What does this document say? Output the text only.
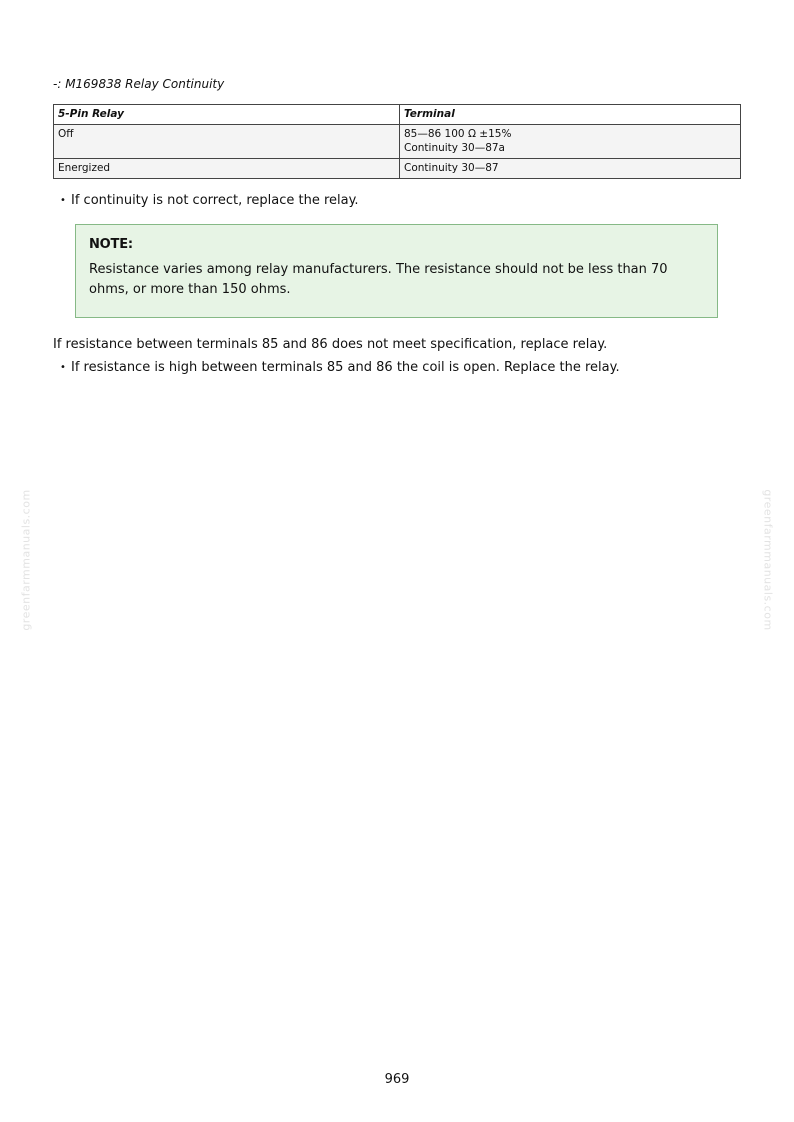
-: M169838 Relay Continuity
5-Pin Relay	Terminal
Off	85—86 100 Ω ±15%
Continuity 30—87a

Energized	Continuity 30—87
• If continuity is not correct, replace the relay.

NOTE:

Resistance varies among relay manufacturers. The resistance should not be less than 70 ohms, or more than 150 ohms.

If resistance between terminals 85 and 86 does not meet specification, replace relay.
• If resistance is high between terminals 85 and 86 the coil is open. Replace the relay.
greenfarmmanuals.com	greenfarmmanuals.com
969
